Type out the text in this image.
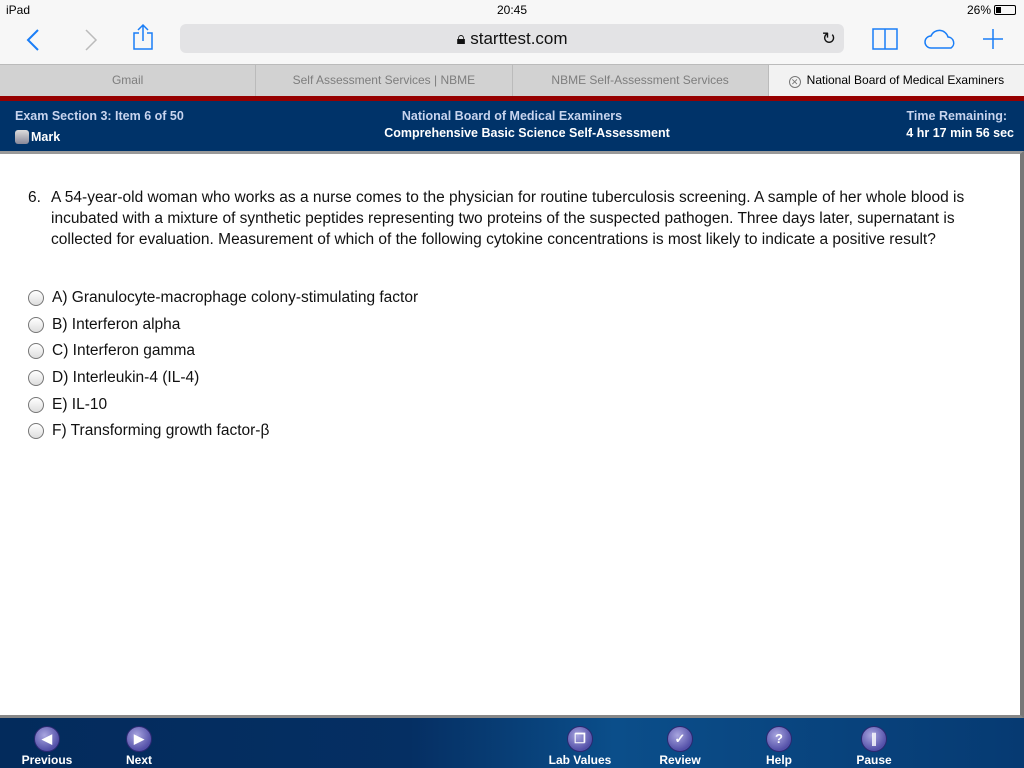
iPad	20:45	26%
🔒︎ starttest.com	↻
Gmail	Self Assessment Services | NBME	NBME Self-Assessment Services	✕ National Board of Medical Examiners
Exam Section 3: Item 6 of 50
Mark
National Board of Medical Examiners
Comprehensive Basic Science Self-Assessment
Time Remaining:
4 hr 17 min 56 sec
6. A 54-year-old woman who works as a nurse comes to the physician for routine tuberculosis screening. A sample of her whole blood is incubated with a mixture of synthetic peptides representing two proteins of the suspected pathogen. Three days later, supernatant is collected for evaluation. Measurement of which of the following cytokine concentrations is most likely to indicate a positive result?
A) Granulocyte-macrophage colony-stimulating factor
B) Interferon alpha
C) Interferon gamma
D) Interleukin-4 (IL-4)
E) IL-10
F) Transforming growth factor-β
◀
Previous
▶
Next
❐
Lab Values
✓
Review
?
Help
∥
Pause
